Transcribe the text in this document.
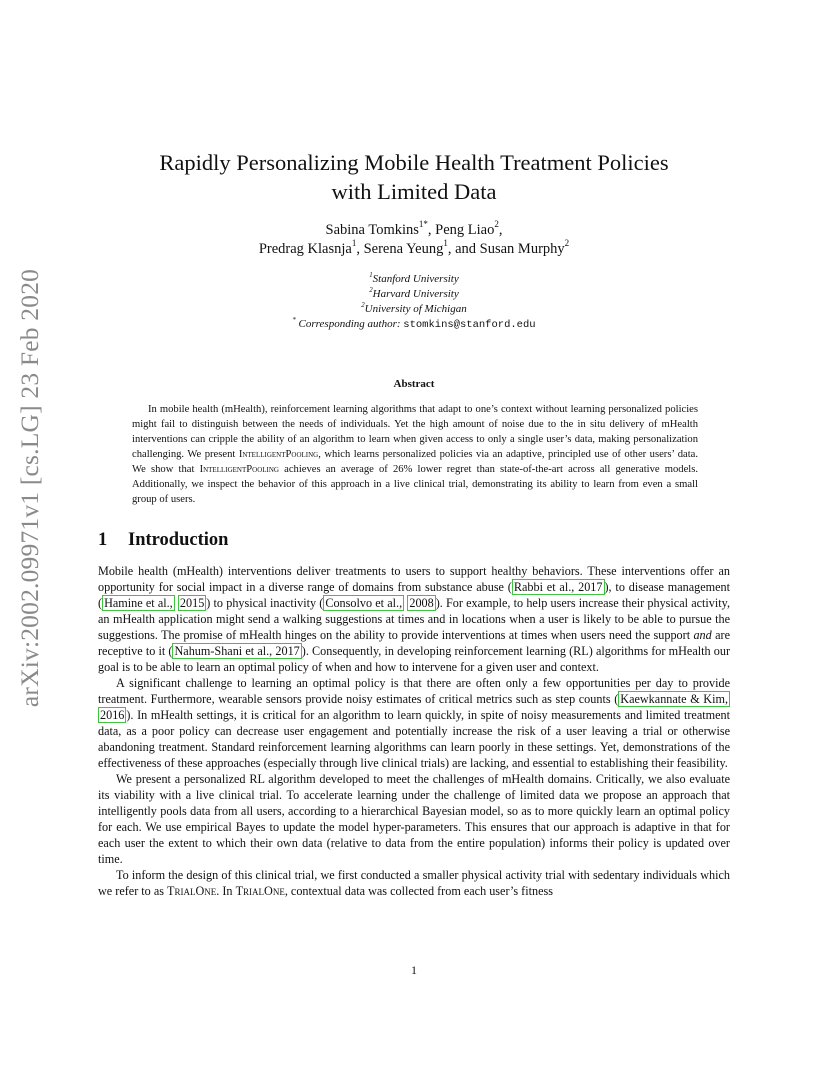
arXiv:2002.09971v1 [cs.LG] 23 Feb 2020
Rapidly Personalizing Mobile Health Treatment Policies
with Limited Data
Sabina Tomkins$^{1*}$, Peng Liao$^2$,
Predrag Klasnja$^1$, Serena Yeung$^1$, and Susan Murphy$^2$
$^1$Stanford University
$^2$Harvard University
$^2$University of Michigan
* Corresponding author: stomkins@stanford.edu
Abstract
In mobile health (mHealth), reinforcement learning algorithms that adapt to one’s context without learning personalized policies might fail to distinguish between the needs of individuals. Yet the high amount of noise due to the in situ delivery of mHealth interventions can cripple the ability of an algorithm to learn when given access to only a single user’s data, making personalization challenging. We present IntelligentPooling, which learns personalized policies via an adaptive, principled use of other users’ data. We show that IntelligentPooling achieves an average of 26% lower regret than state-of-the-art across all generative models. Additionally, we inspect the behavior of this approach in a live clinical trial, demonstrating its ability to learn from even a small group of users.
1 Introduction

Mobile health (mHealth) interventions deliver treatments to users to support healthy behaviors. These interventions offer an opportunity for social impact in a diverse range of domains from substance abuse ( Rabbi et al., 2017 ), to disease management ( Hamine et al., 2015 ) to physical inactivity ( Consolvo et al., 2008 ). For example, to help users increase their physical activity, an mHealth application might send a walking suggestions at times and in locations when a user is likely to be able to pursue the suggestions. The promise of mHealth hinges on the ability to provide interventions at times when users need the support and are receptive to it ( Nahum-Shani et al., 2017 ). Consequently, in developing reinforcement learning (RL) algorithms for mHealth our goal is to be able to learn an optimal policy of when and how to intervene for a given user and context.

A significant challenge to learning an optimal policy is that there are often only a few opportunities per day to provide treatment. Furthermore, wearable sensors provide noisy estimates of critical metrics such as step counts ( Kaewkannate & Kim, 2016 ). In mHealth settings, it is critical for an algorithm to learn quickly, in spite of noisy measurements and limited treatment data, as a poor policy can decrease user engagement and potentially increase the risk of a user leaving a trial or otherwise abandoning treatment. Standard reinforcement learning algorithms can learn poorly in these settings. Yet, demonstrations of the effectiveness of these approaches (especially through live clinical trials) are lacking, and essential to establishing their feasibility.

We present a personalized RL algorithm developed to meet the challenges of mHealth domains. Critically, we also evaluate its viability with a live clinical trial. To accelerate learning under the challenge of limited data we propose an approach that intelligently pools data from all users, according to a hierarchical Bayesian model, so as to more quickly learn an optimal policy for each. We use empirical Bayes to update the model hyper-parameters. This ensures that our approach is adaptive in that for each user the extent to which their own data (relative to data from the entire population) informs their policy is updated over time.

To inform the design of this clinical trial, we first conducted a smaller physical activity trial with sedentary individuals which we refer to as TrialOne. In TrialOne, contextual data was collected from each user’s fitness

1
